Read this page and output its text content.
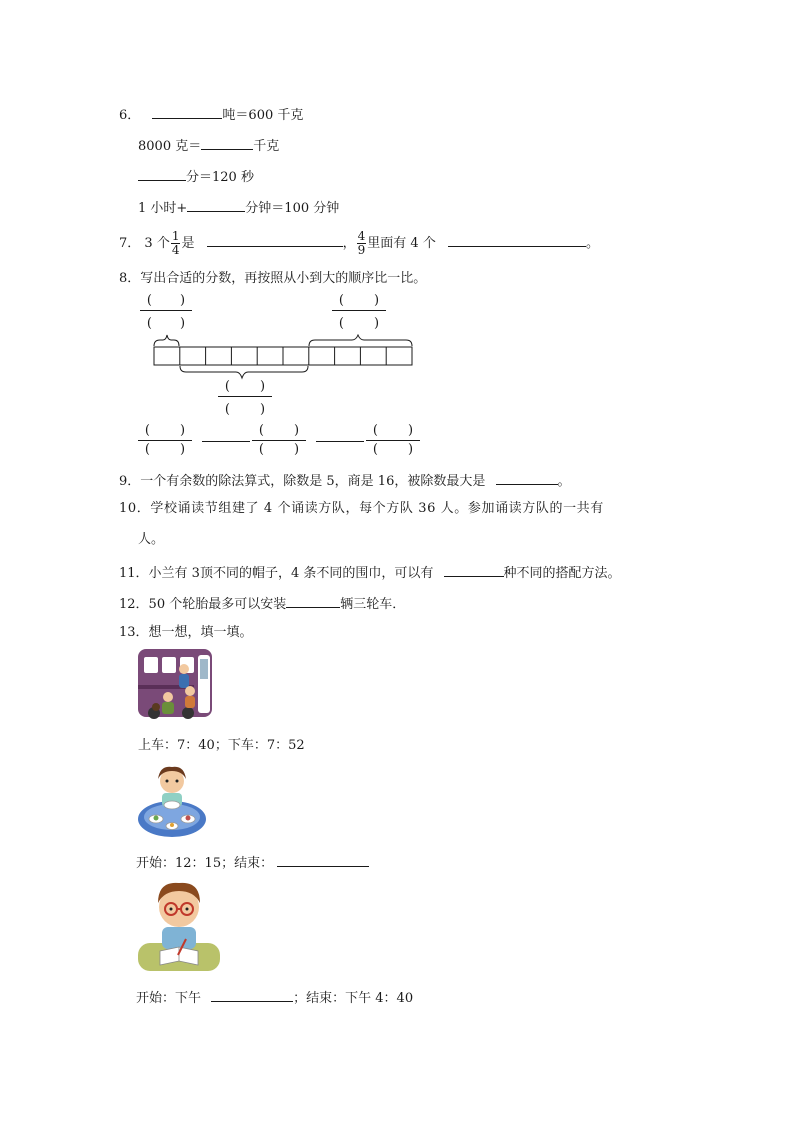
6．	吨＝600 千克
8000 克＝	千克
分＝120 秒
1 小时+	分钟＝100 分钟
7． 3 个 $\frac{1}{4}$ 是	， $\frac{4}{9}$ 里面有 4 个	。
8．写出合适的分数，再按照从小到大的顺序比一比。
( )
( )
( )
( )
( )
( )
( )
( )
( )
( )
( )
( )
9．一个有余数的除法算式，除数是 5，商是 16，被除数最大是	。
10．学校诵读节组建了 4 个诵读方队，每个方队 36 人。参加诵读方队的一共有
人。
11．小兰有 3顶不同的帽子，4 条不同的围巾，可以有	种不同的搭配方法。
12．50 个轮胎最多可以安装	辆三轮车．
13．想一想，填一填。
上车：7：40；下车：7：52
开始：12：15；结束：
开始：下午	；结束：下午 4：40
